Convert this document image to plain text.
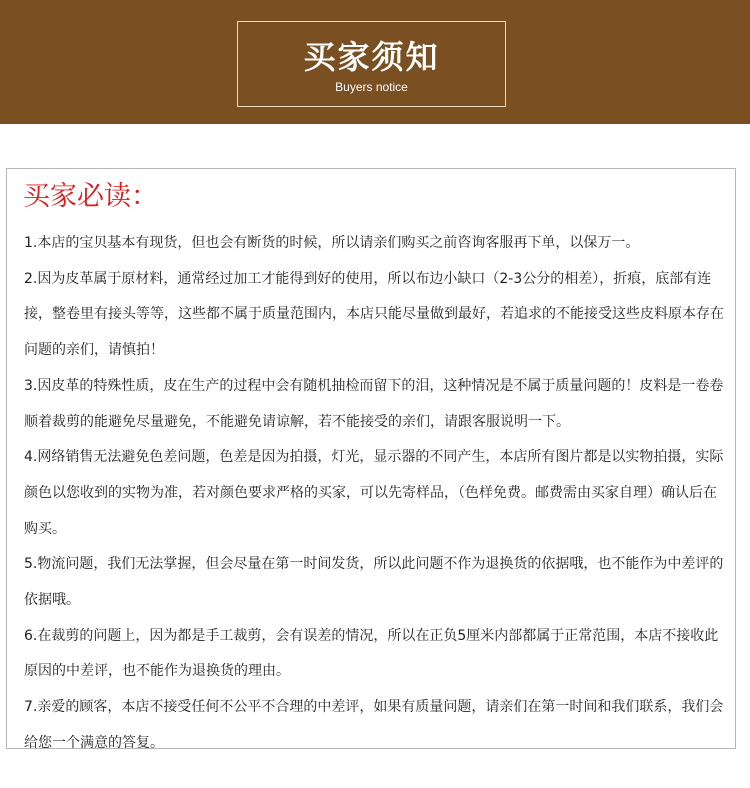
买家须知
Buyers notice
买家必读：

1.本店的宝贝基本有现货，但也会有断货的时候，所以请亲们购买之前咨询客服再下单，以保万一。

2.因为皮革属于原材料，通常经过加工才能得到好的使用，所以布边小缺口（2-3公分的相差），折痕，底部有连接，整卷里有接头等等，这些都不属于质量范围内，本店只能尽量做到最好，若追求的不能接受这些皮料原本存在问题的亲们，请慎拍！

3.因皮革的特殊性质，皮在生产的过程中会有随机抽检而留下的泪，这种情况是不属于质量问题的！皮料是一卷卷顺着裁剪的能避免尽量避免，不能避免请谅解，若不能接受的亲们，请跟客服说明一下。

4.网络销售无法避免色差问题，色差是因为拍摄，灯光，显示器的不同产生，本店所有图片都是以实物拍摄，实际颜色以您收到的实物为准，若对颜色要求严格的买家，可以先寄样品，（色样免费。邮费需由买家自理）确认后在购买。

5.物流问题，我们无法掌握，但会尽量在第一时间发货，所以此问题不作为退换货的依据哦，也不能作为中差评的依据哦。

6.在裁剪的问题上，因为都是手工裁剪，会有误差的情况，所以在正负5厘米内部都属于正常范围，本店不接收此原因的中差评，也不能作为退换货的理由。

7.亲爱的顾客，本店不接受任何不公平不合理的中差评，如果有质量问题，请亲们在第一时间和我们联系，我们会给您一个满意的答复。
